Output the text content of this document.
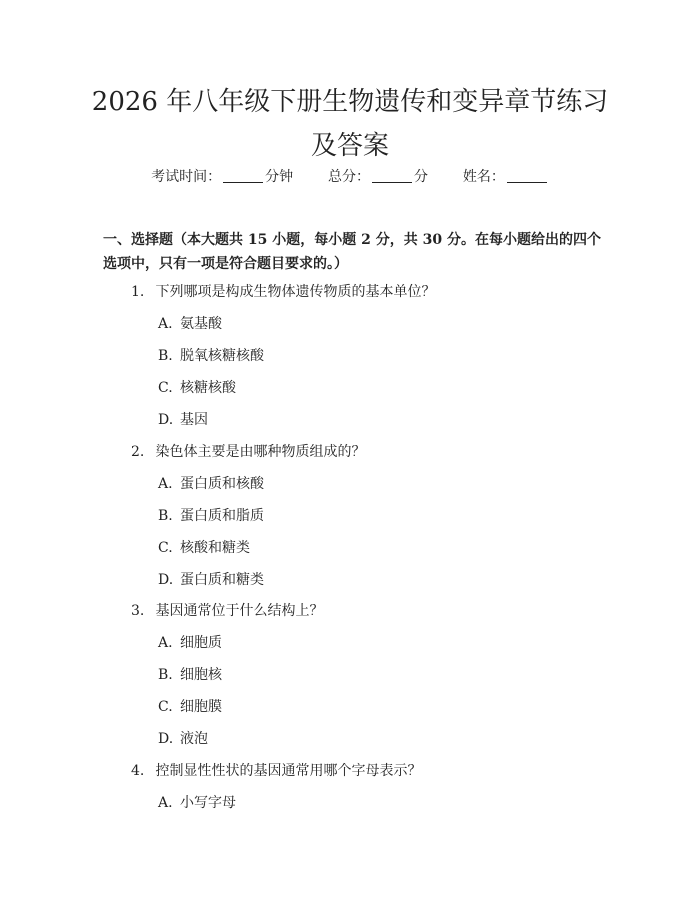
2026 年八年级下册生物遗传和变异章节练习
及答案
考试时间：	分钟 总分：	分 姓名：
一、选择题（本大题共 15 小题，每小题 2 分，共 30 分。在每小题给出的四个选项中，只有一项是符合题目要求的。）
1. 下列哪项是构成生物体遗传物质的基本单位？
A. 氨基酸
B. 脱氧核糖核酸
C. 核糖核酸
D. 基因
2. 染色体主要是由哪种物质组成的？
A. 蛋白质和核酸
B. 蛋白质和脂质
C. 核酸和糖类
D. 蛋白质和糖类
3. 基因通常位于什么结构上？
A. 细胞质
B. 细胞核
C. 细胞膜
D. 液泡
4. 控制显性性状的基因通常用哪个字母表示？
A. 小写字母
